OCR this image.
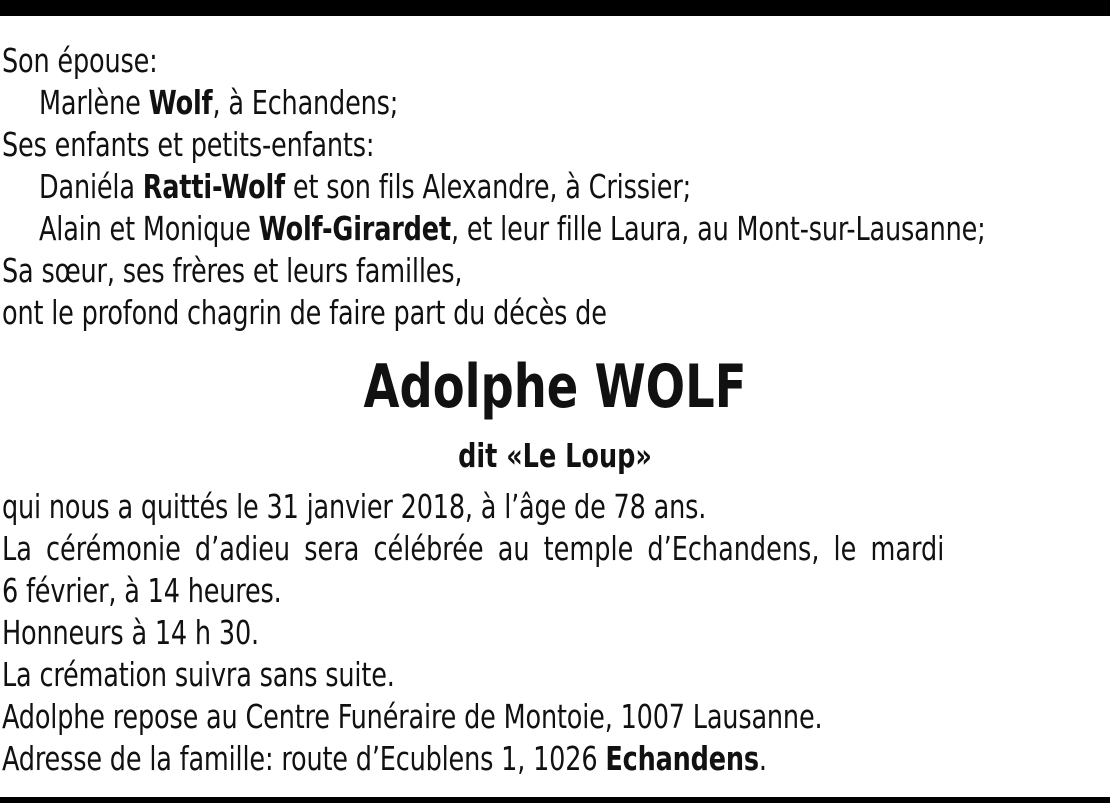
Son épouse:
Marlène Wolf, à Echandens;
Ses enfants et petits-enfants:
Daniéla Ratti-Wolf et son fils Alexandre, à Crissier;
Alain et Monique Wolf-Girardet, et leur fille Laura, au Mont-sur-Lausanne;
Sa sœur, ses frères et leurs familles,
ont le profond chagrin de faire part du décès de
Adolphe WOLF
dit «Le Loup»
qui nous a quittés le 31 janvier 2018, à l’âge de 78 ans.
La cérémonie d’adieu sera célébrée au temple d’Echandens, le mardi
6 février, à 14 heures.
Honneurs à 14 h 30.
La crémation suivra sans suite.
Adolphe repose au Centre Funéraire de Montoie, 1007 Lausanne.
Adresse de la famille: route d’Ecublens 1, 1026 Echandens.
